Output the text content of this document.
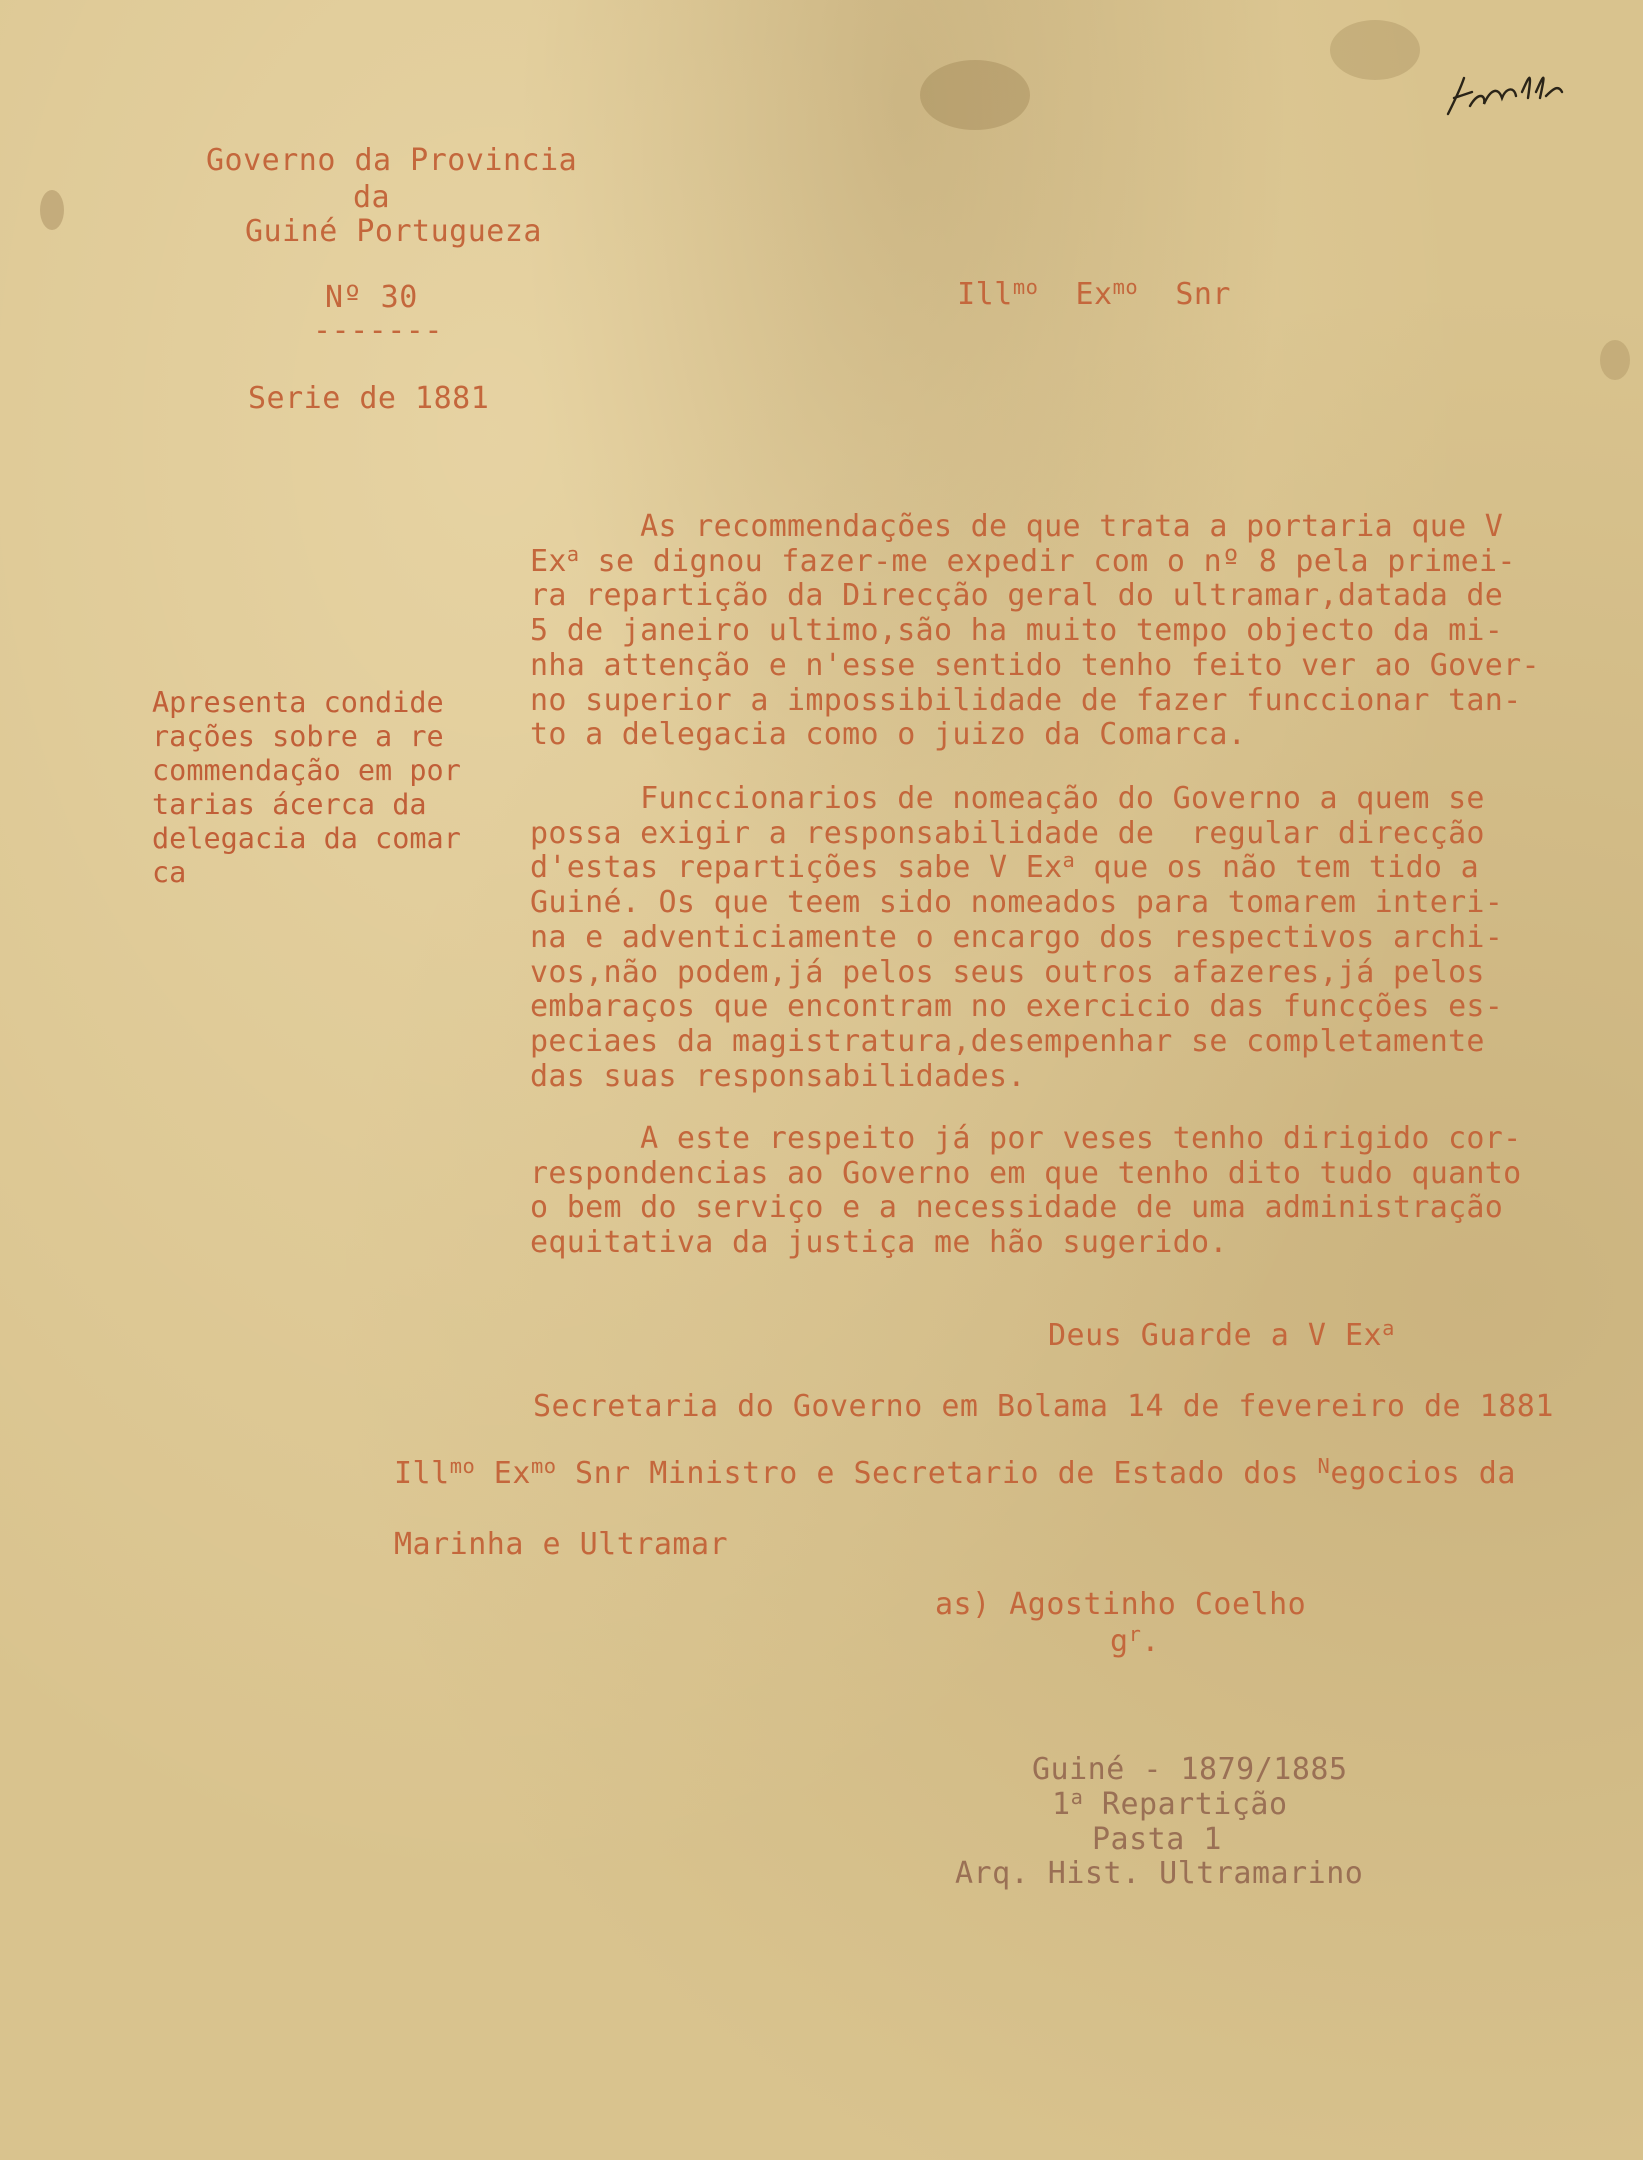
Governo da Provincia
da
Guiné Portugueza
Nº 30
-------
Serie de 1881

Ill$^{mo}$ $Ex^{mo}$ Snr

Apresenta condide
rações sobre a re
commendação em por
tarias ácerca da
delegacia da comar
ca
As recommendações de que trata a portaria que V
Ex$^a$ se dignou fazer-me expedir com o nº 8 pela primei-
ra repartição da Direcção geral do ultramar,datada de
5 de janeiro ultimo,são ha muito tempo objecto da mi-
nha attenção e n'esse sentido tenho feito ver ao Gover-
no superior a impossibilidade de fazer funccionar tan-
to a delegacia como o juizo da Comarca.
Funccionarios de nomeação do Governo a quem se
possa exigir a responsabilidade de  regular direcção
d'estas repartições sabe V Ex$^a$ que os não tem tido a
Guiné. Os que teem sido nomeados para tomarem interi-
na e adventiciamente o encargo dos respectivos archi-
vos,não podem,já pelos seus outros afazeres,já pelos
embaraços que encontram no exercicio das funcções es-
peciaes da magistratura,desempenhar se completamente
das suas responsabilidades.
A este respeito já por veses tenho dirigido cor-
respondencias ao Governo em que tenho dito tudo quanto
o bem do serviço e a necessidade de uma administração
equitativa da justiça me hão sugerido.
Deus Guarde a V Ex$^a$
Secretaria do Governo em Bolama 14 de fevereiro de 1881
Ill$^{mo}$ $Ex^{mo}$ Snr Ministro e Secretario de Estado dos $^N$egocios da
Marinha e Ultramar
as) Agostinho Coelho
$g^r$.
Guiné - 1879/1885
1$^a$ Repartição
Pasta 1
Arq. Hist. Ultramarino
